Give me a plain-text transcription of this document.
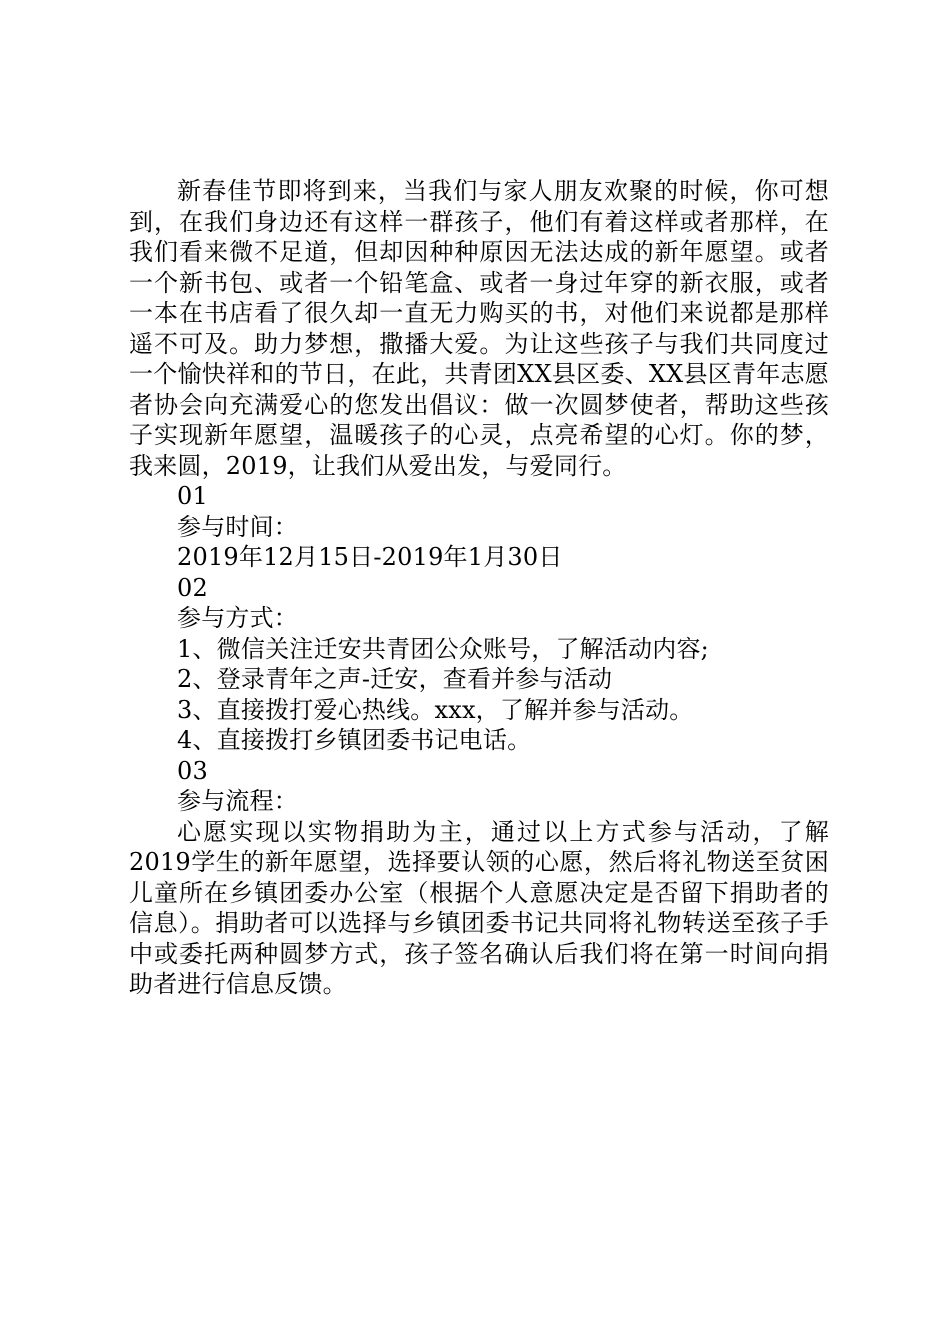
新春佳节即将到来，当我们与家人朋友欢聚的时候，你可想到，在我们身边还有这样一群孩子，他们有着这样或者那样，在我们看来微不足道，但却因种种原因无法达成的新年愿望。或者一个新书包、或者一个铅笔盒、或者一身过年穿的新衣服，或者一本在书店看了很久却一直无力购买的书，对他们来说都是那样遥不可及。助力梦想，撒播大爱。为让这些孩子与我们共同度过一个愉快祥和的节日，在此，共青团XX县区委、XX县区青年志愿者协会向充满爱心的您发出倡议：做一次圆梦使者，帮助这些孩子实现新年愿望，温暖孩子的心灵，点亮希望的心灯。你的梦，我来圆，2019，让我们从爱出发，与爱同行。

01
参与时间：
2019年12月15日-2019年1月30日
02
参与方式：
1、微信关注迁安共青团公众账号，了解活动内容;
2、登录青年之声-迁安，查看并参与活动
3、直接拨打爱心热线。xxx，了解并参与活动。
4、直接拨打乡镇团委书记电话。
03
参与流程：

心愿实现以实物捐助为主，通过以上方式参与活动，了解2019学生的新年愿望，选择要认领的心愿，然后将礼物送至贫困儿童所在乡镇团委办公室（根据个人意愿决定是否留下捐助者的信息）。捐助者可以选择与乡镇团委书记共同将礼物转送至孩子手中或委托两种圆梦方式，孩子签名确认后我们将在第一时间向捐助者进行信息反馈。
